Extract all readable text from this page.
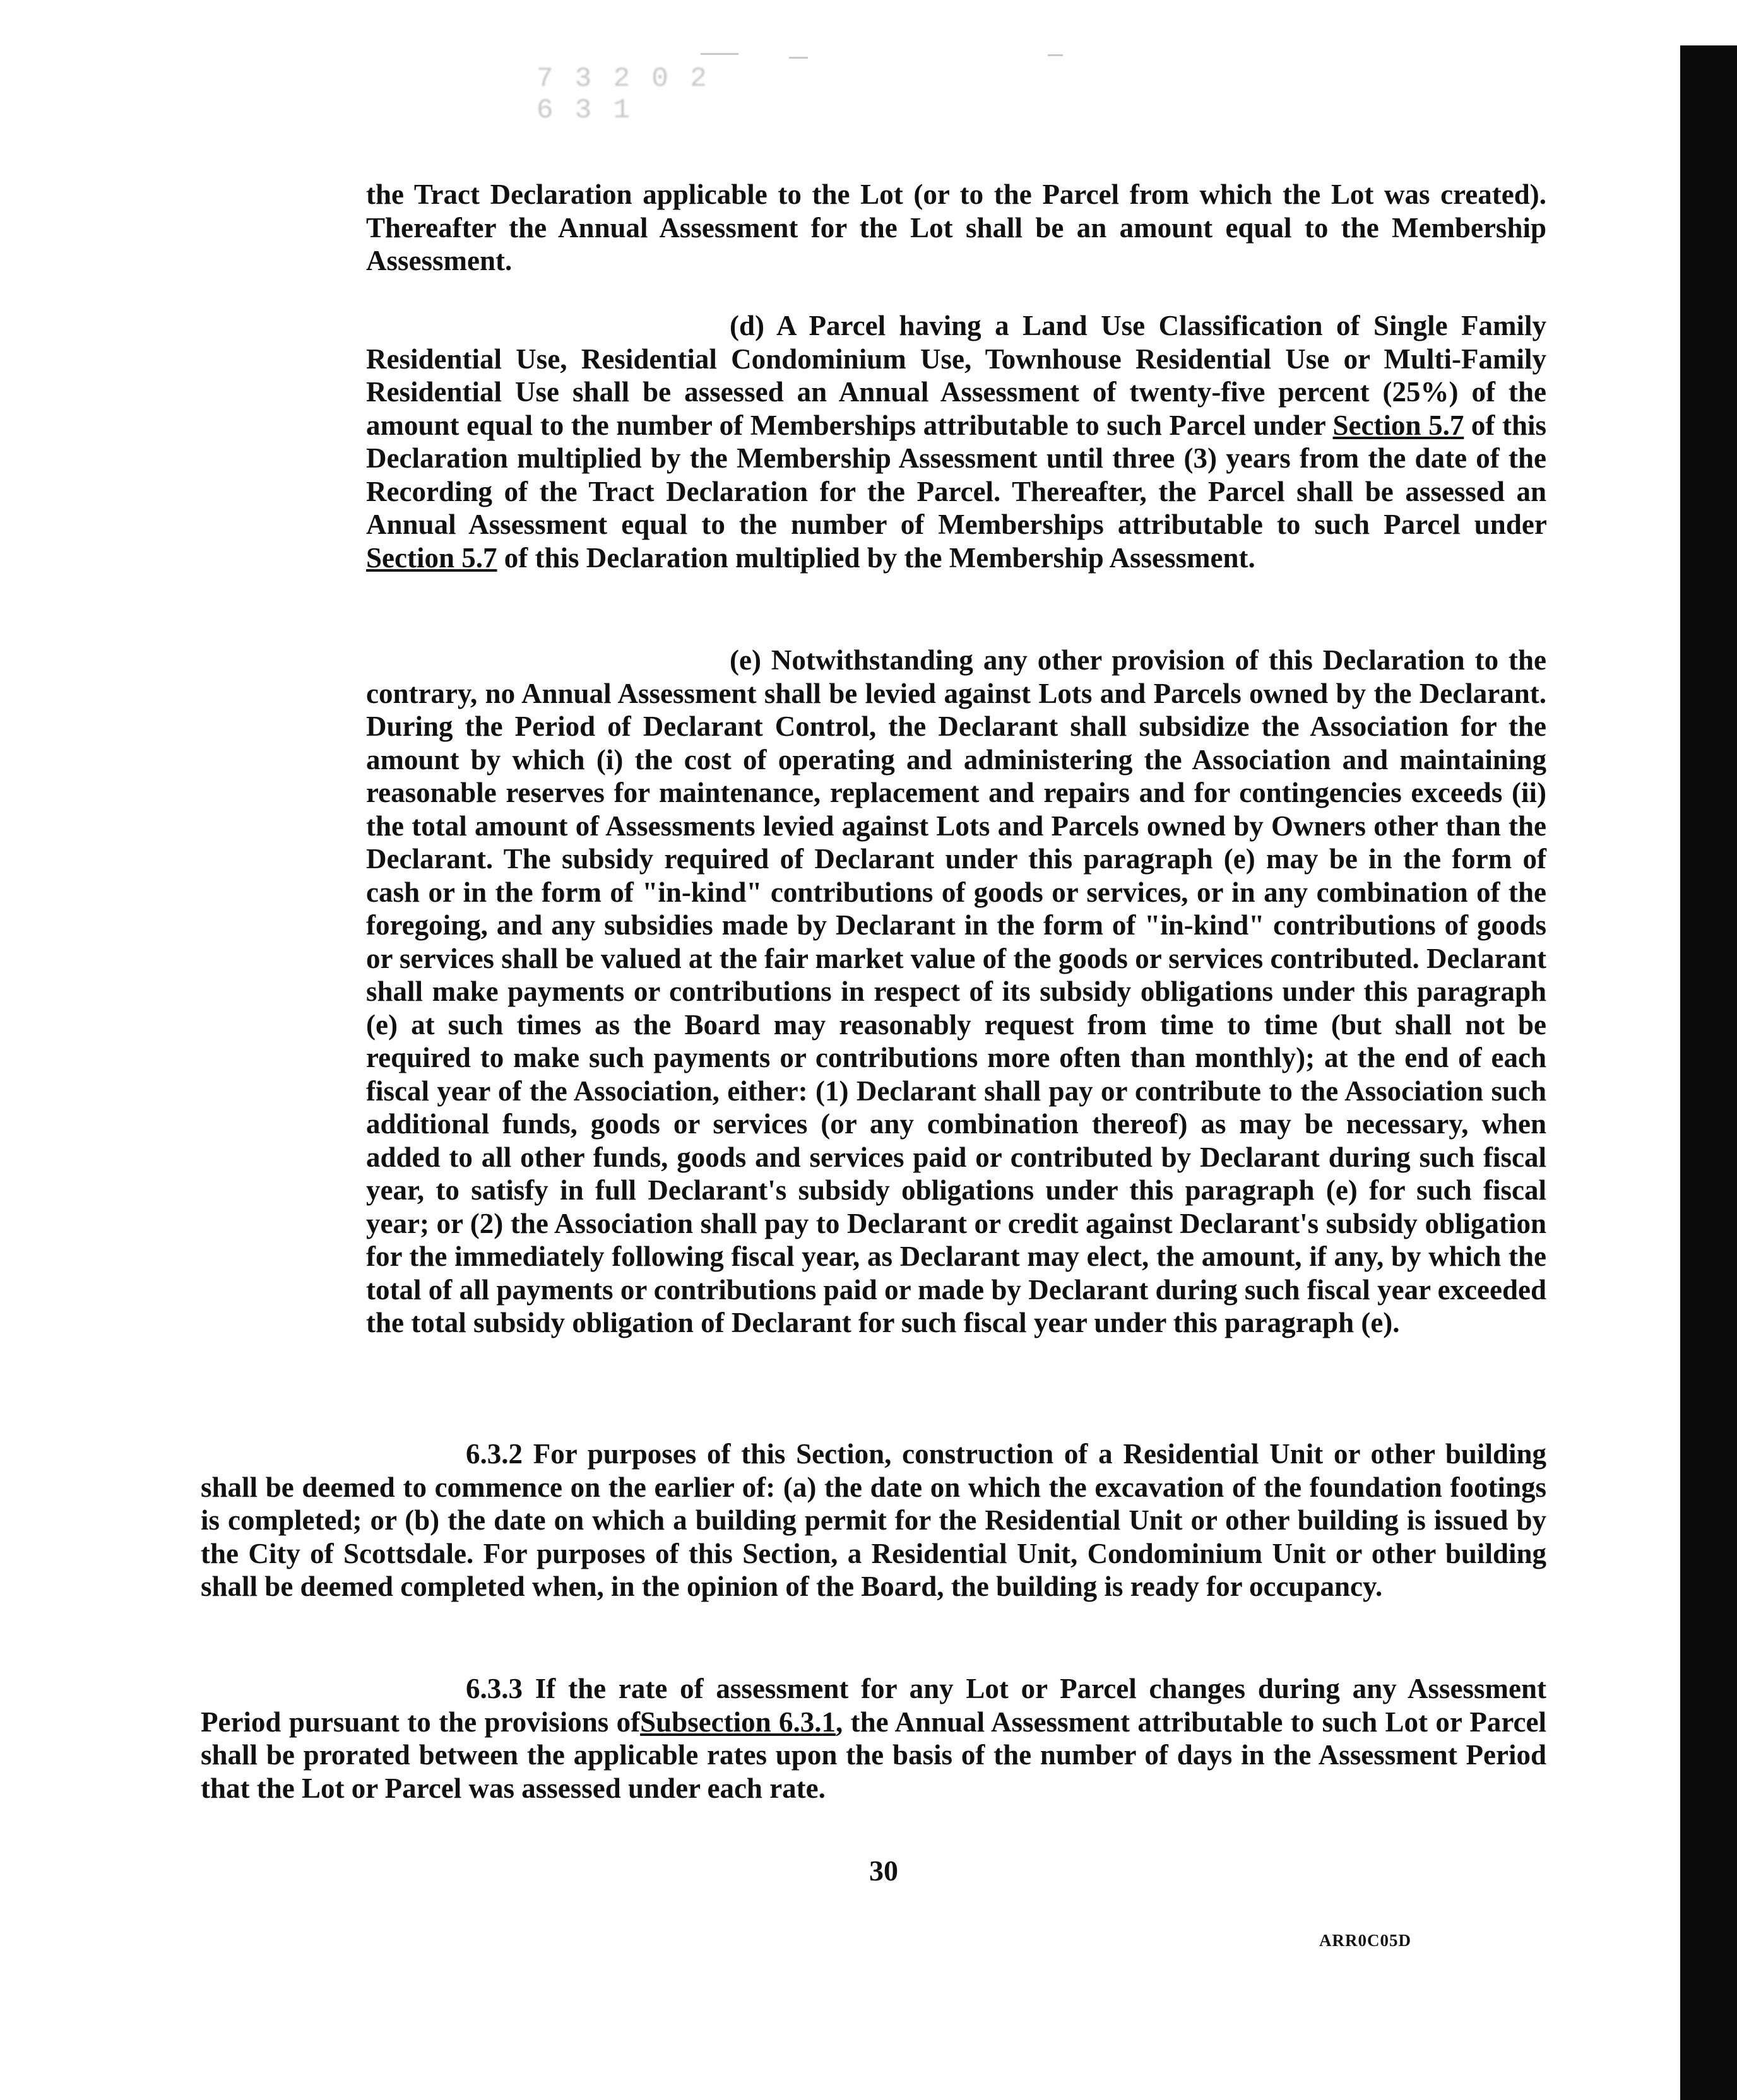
7 3 2 0 2 6 3 1

the Tract Declaration applicable to the Lot (or to the Parcel from which the Lot was created). Thereafter the Annual Assessment for the Lot shall be an amount equal to the Membership Assessment.

(d) A Parcel having a Land Use Classification of Single Family Residential Use, Residential Condominium Use, Townhouse Residential Use or Multi-Family Residential Use shall be assessed an Annual Assessment of twenty-five percent (25%) of the amount equal to the number of Memberships attributable to such Parcel under Section 5.7 of this Declaration multiplied by the Membership Assessment until three (3) years from the date of the Recording of the Tract Declaration for the Parcel. Thereafter, the Parcel shall be assessed an Annual Assessment equal to the number of Memberships attributable to such Parcel under Section 5.7 of this Declaration multiplied by the Membership Assessment.

(e) Notwithstanding any other provision of this Declaration to the contrary, no Annual Assessment shall be levied against Lots and Parcels owned by the Declarant. During the Period of Declarant Control, the Declarant shall subsidize the Association for the amount by which (i) the cost of operating and administering the Association and maintaining reasonable reserves for maintenance, replacement and repairs and for contingencies exceeds (ii) the total amount of Assessments levied against Lots and Parcels owned by Owners other than the Declarant. The subsidy required of Declarant under this paragraph (e) may be in the form of cash or in the form of "in-kind" contributions of goods or services, or in any combination of the foregoing, and any subsidies made by Declarant in the form of "in-kind" contributions of goods or services shall be valued at the fair market value of the goods or services contributed. Declarant shall make payments or contributions in respect of its subsidy obligations under this paragraph (e) at such times as the Board may reasonably request from time to time (but shall not be required to make such payments or contributions more often than monthly); at the end of each fiscal year of the Association, either: (1) Declarant shall pay or contribute to the Association such additional funds, goods or services (or any combination thereof) as may be necessary, when added to all other funds, goods and services paid or contributed by Declarant during such fiscal year, to satisfy in full Declarant's subsidy obligations under this paragraph (e) for such fiscal year; or (2) the Association shall pay to Declarant or credit against Declarant's subsidy obligation for the immediately following fiscal year, as Declarant may elect, the amount, if any, by which the total of all payments or contributions paid or made by Declarant during such fiscal year exceeded the total subsidy obligation of Declarant for such fiscal year under this paragraph (e).

6.3.2 For purposes of this Section, construction of a Residential Unit or other building shall be deemed to commence on the earlier of: (a) the date on which the excavation of the foundation footings is completed; or (b) the date on which a building permit for the Residential Unit or other building is issued by the City of Scottsdale. For purposes of this Section, a Residential Unit, Condominium Unit or other building shall be deemed completed when, in the opinion of the Board, the building is ready for occupancy.

6.3.3 If the rate of assessment for any Lot or Parcel changes during any Assessment Period pursuant to the provisions ofSubsection 6.3.1, the Annual Assessment attributable to such Lot or Parcel shall be prorated between the applicable rates upon the basis of the number of days in the Assessment Period that the Lot or Parcel was assessed under each rate.

30
ARR0C05D
